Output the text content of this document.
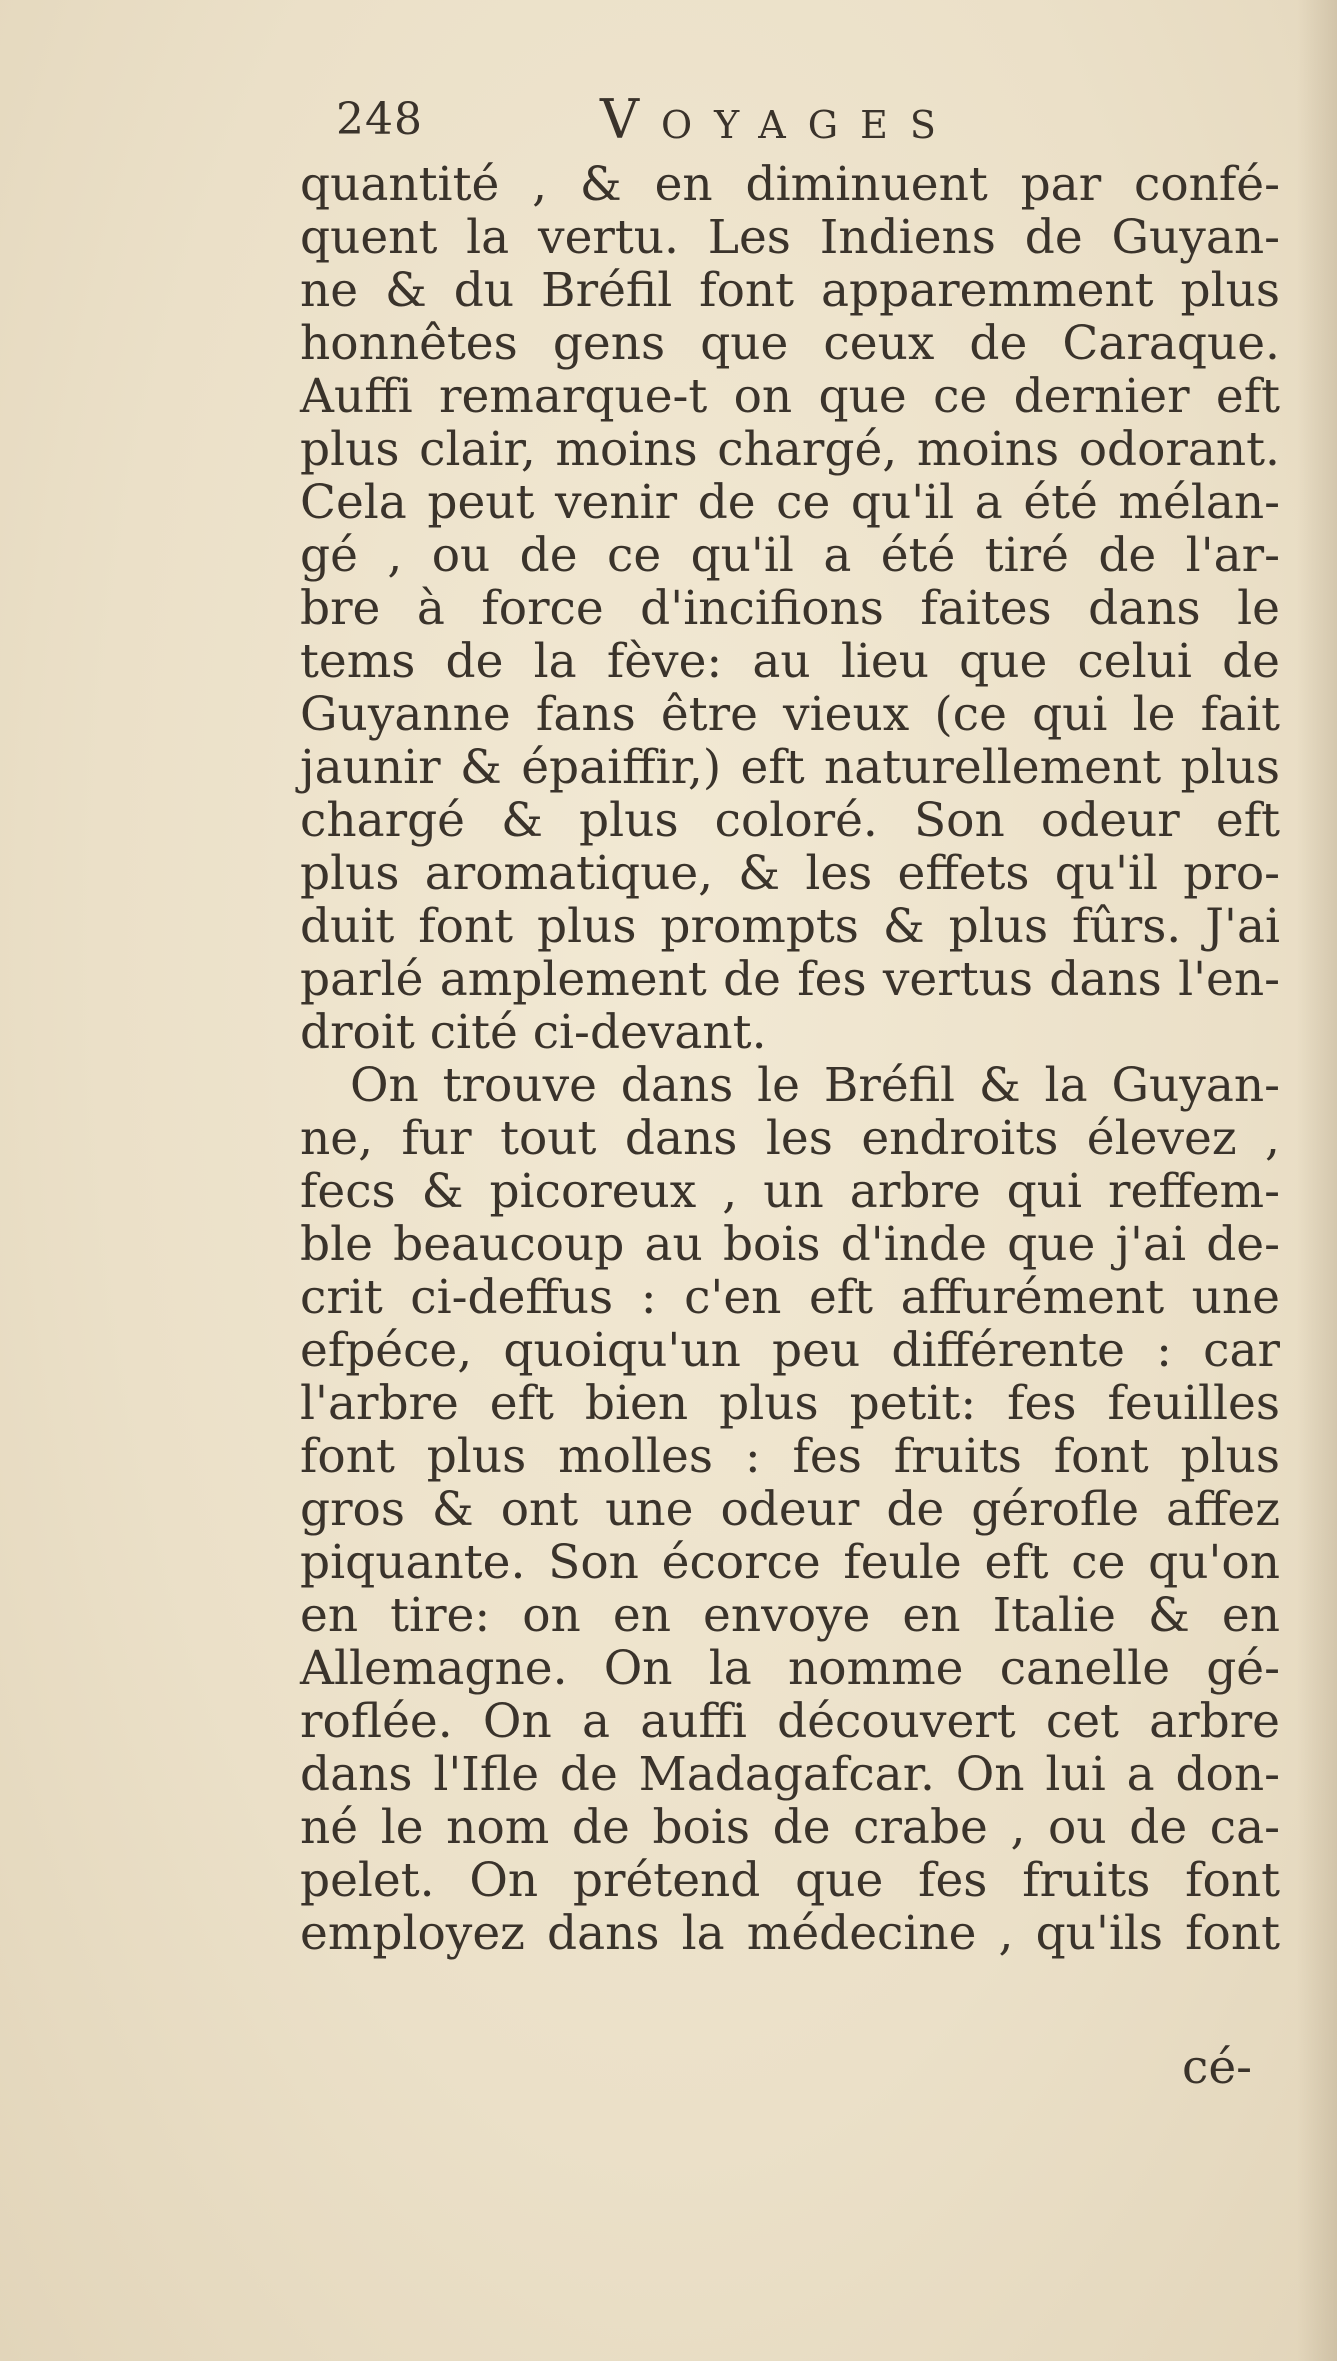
248	Voyages
quantité , & en diminuent par confé-
quent la vertu. Les Indiens de Guyan-
ne & du Bréfil font apparemment plus
honnêtes gens que ceux de Caraque.
Auffi remarque-t on que ce dernier eft
plus clair, moins chargé, moins odorant.
Cela peut venir de ce qu'il a été mélan-
gé , ou de ce qu'il a été tiré de l'ar-
bre à force d'incifions faites dans le
tems de la fève: au lieu que celui de
Guyanne fans être vieux (ce qui le fait
jaunir & épaiffir,) eft naturellement plus
chargé & plus coloré. Son odeur eft
plus aromatique, & les effets qu'il pro-
duit font plus prompts & plus fûrs. J'ai
parlé amplement de fes vertus dans l'en-
droit cité ci-devant.
On trouve dans le Bréfil & la Guyan-
ne, fur tout dans les endroits élevez ,
fecs & picoreux , un arbre qui reffem-
ble beaucoup au bois d'inde que j'ai de-
crit ci-deffus : c'en eft affurément une
efpéce, quoiqu'un peu différente : car
l'arbre eft bien plus petit: fes feuilles
font plus molles : fes fruits font plus
gros & ont une odeur de gérofle affez
piquante. Son écorce feule eft ce qu'on
en tire: on en envoye en Italie & en
Allemagne. On la nomme canelle gé-
roflée. On a auffi découvert cet arbre
dans l'Ifle de Madagafcar. On lui a don-
né le nom de bois de crabe , ou de ca-
pelet. On prétend que fes fruits font
employez dans la médecine , qu'ils font
cé-
